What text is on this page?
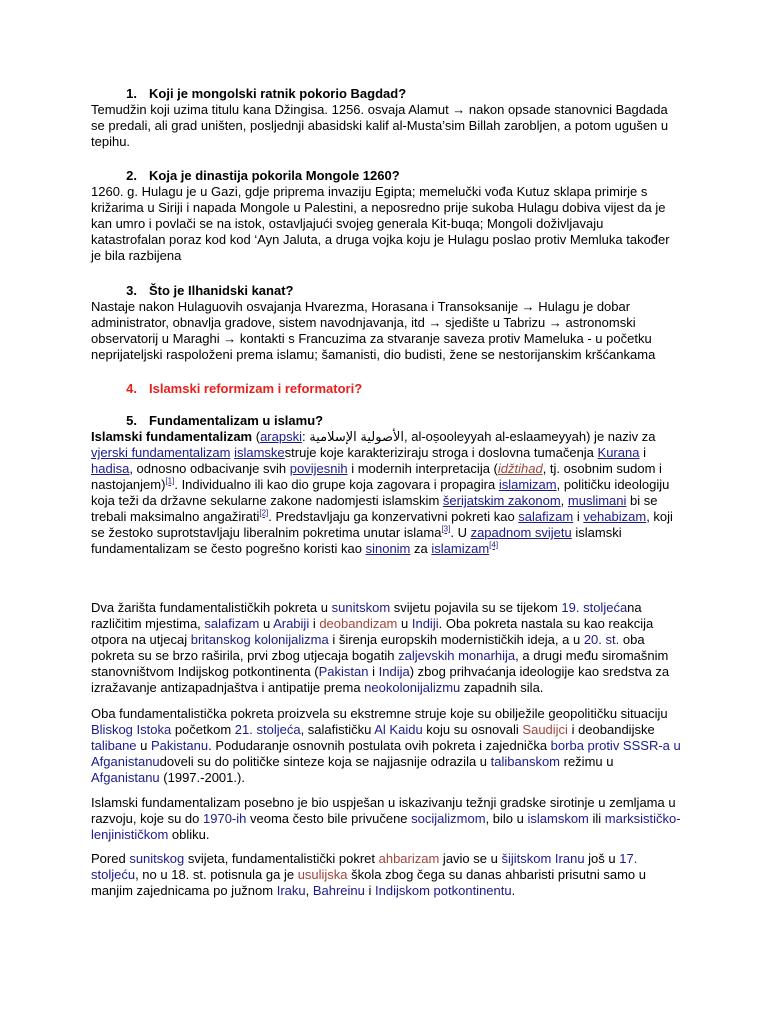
1. Koji je mongolski ratnik pokorio Bagdad?

Temudžin koji uzima titulu kana Džingisa. 1256. osvaja Alamut → nakon opsade stanovnici Bagdada se predali, ali grad uništen, posljednji abasidski kalif al-Musta’sim Billah zarobljen, a potom ugušen u tepihu.

2. Koja je dinastija pokorila Mongole 1260?

1260. g. Hulagu je u Gazi, gdje priprema invaziju Egipta; memelučki vođa Kutuz sklapa primirje s križarima u Siriji i napada Mongole u Palestini, a neposredno prije sukoba Hulagu dobiva vijest da je kan umro i povlači se na istok, ostavljajući svojeg generala Kit-buqa; Mongoli doživljavaju katastrofalan poraz kod kod ‘Ayn Jaluta, a druga vojka koju je Hulagu poslao protiv Memluka također je bila razbijena

3. Što je Ilhanidski kanat?

Nastaje nakon Hulaguovih osvajanja Hvarezma, Horasana i Transoksanije → Hulagu je dobar administrator, obnavlja gradove, sistem navodnjavanja, itd → sjedište u Tabrizu → astronomski observatorij u Maraghi → kontakti s Francuzima za stvaranje saveza protiv Mameluka - u početku neprijateljski raspoloženi prema islamu; šamanisti, dio budisti, žene se nestorijanskim kršćankama

4. Islamski reformizam i reformatori?
5. Fundamentalizam u islamu?

Islamski fundamentalizam (arapski: الأصولية الإسلامية, al-oṣooleyyah al-eslaameyyah) je naziv za vjerski fundamentalizam islamskestruje koje karakteriziraju stroga i doslovna tumačenja Kurana i hadisa, odnosno odbacivanje svih povijesnih i modernih interpretacija (idžtihad, tj. osobnim sudom i nastojanjem)[1]. Individualno ili kao dio grupe koja zagovara i propagira islamizam, političku ideologiju koja teži da državne sekularne zakone nadomjesti islamskim šerijatskim zakonom, muslimani bi se trebali maksimalno angažirati[2]. Predstavljaju ga konzervativni pokreti kao salafizam i vehabizam, koji se žestoko suprotstavljaju liberalnim pokretima unutar islama[3]. U zapadnom svijetu islamski fundamentalizam se često pogrešno koristi kao sinonim za islamizam[4]

Dva žarišta fundamentalističkih pokreta u sunitskom svijetu pojavila su se tijekom 19. stoljećana različitim mjestima, salafizam u Arabiji i deobandizam u Indiji. Oba pokreta nastala su kao reakcija otpora na utjecaj britanskog kolonijalizma i širenja europskih modernističkih ideja, a u 20. st. oba pokreta su se brzo raširila, prvi zbog utjecaja bogatih zaljevskih monarhija, a drugi među siromašnim stanovništvom Indijskog potkontinenta (Pakistan i Indija) zbog prihvaćanja ideologije kao sredstva za izražavanje antizapadnjaštva i antipatije prema neokolonijalizmu zapadnih sila.

Oba fundamentalistička pokreta proizvela su ekstremne struje koje su obilježile geopolitičku situaciju Bliskog Istoka početkom 21. stoljeća, salafističku Al Kaidu koju su osnovali Saudijci i deobandijske talibane u Pakistanu. Podudaranje osnovnih postulata ovih pokreta i zajednička borba protiv SSSR-a u Afganistanudoveli su do političke sinteze koja se najjasnije odrazila u talibanskom režimu u Afganistanu (1997.-2001.).

Islamski fundamentalizam posebno je bio uspješan u iskazivanju težnji gradske sirotinje u zemljama u razvoju, koje su do 1970-ih veoma često bile privučene socijalizmom, bilo u islamskom ili marksističko-lenjinističkom obliku.

Pored sunitskog svijeta, fundamentalistički pokret ahbarizam javio se u šijitskom Iranu još u 17. stoljeću, no u 18. st. potisnula ga je usulijska škola zbog čega su danas ahbaristi prisutni samo u manjim zajednicama po južnom Iraku, Bahreinu i Indijskom potkontinentu.
